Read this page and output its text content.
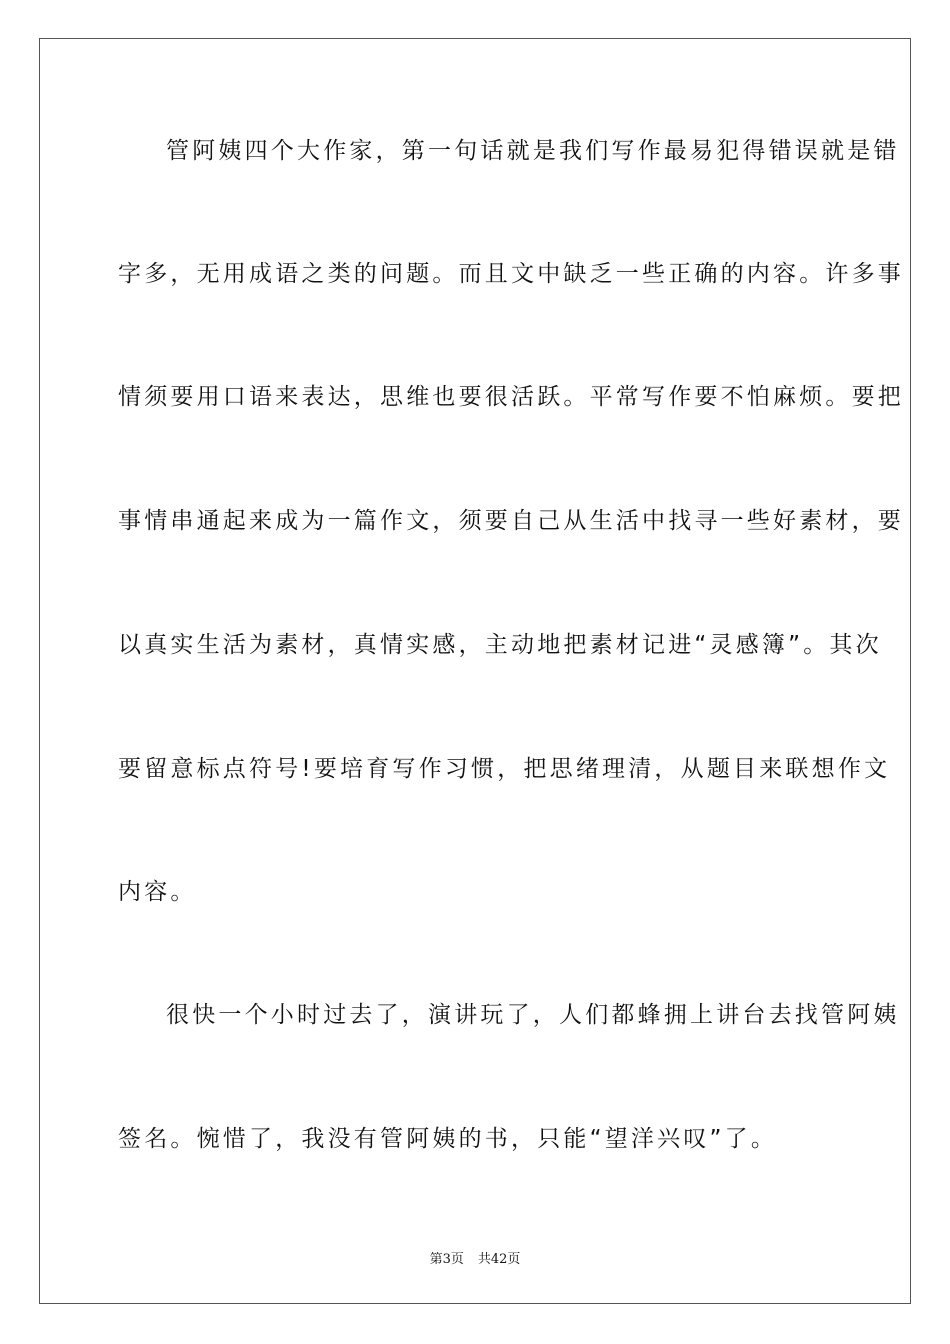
管阿姨四个大作家，第一句话就是我们写作最易犯得错误就是错
字多，无用成语之类的问题。而且文中缺乏一些正确的内容。许多事
情须要用口语来表达，思维也要很活跃。平常写作要不怕麻烦。要把
事情串通起来成为一篇作文，须要自己从生活中找寻一些好素材，要
以真实生活为素材，真情实感，主动地把素材记进“灵感簿”。其次
要留意标点符号!要培育写作习惯，把思绪理清，从题目来联想作文
内容。
很快一个小时过去了，演讲玩了，人们都蜂拥上讲台去找管阿姨
签名。惋惜了，我没有管阿姨的书，只能“望洋兴叹”了。
第3页 共42页
